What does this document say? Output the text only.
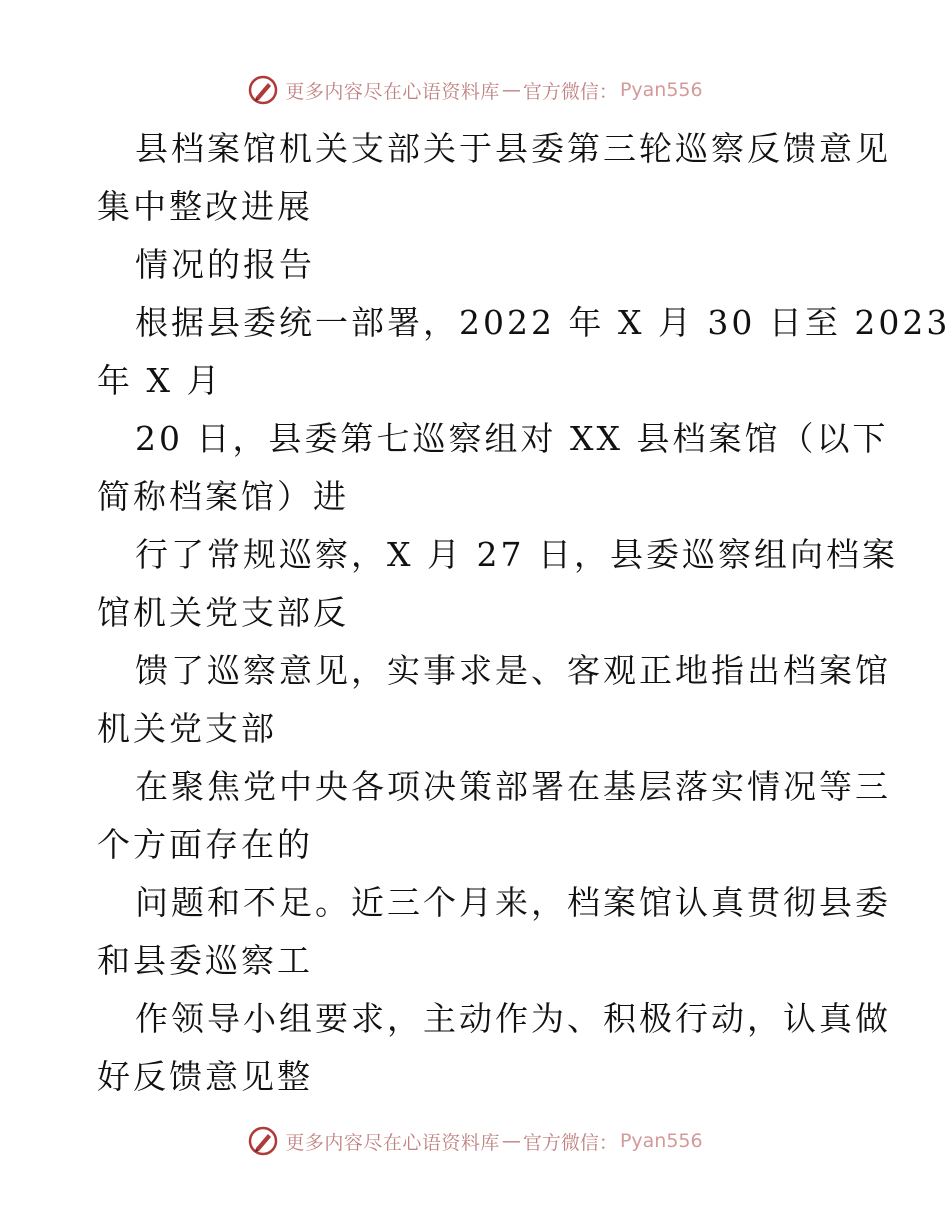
更多内容尽在心语资料库 — 官方微信： Pyan556
县档案馆机关支部关于县委第三轮巡察反馈意见
集中整改进展
情况的报告
根据县委统一部署，2022 年 X 月 30 日至 2023
年 X 月
20 日，县委第七巡察组对 XX 县档案馆（以下
简称档案馆）进
行了常规巡察，X 月 27 日，县委巡察组向档案
馆机关党支部反
馈了巡察意见，实事求是、客观正地指出档案馆
机关党支部
在聚焦党中央各项决策部署在基层落实情况等三
个方面存在的
问题和不足。近三个月来，档案馆认真贯彻县委
和县委巡察工
作领导小组要求，主动作为、积极行动，认真做
好反馈意见整
更多内容尽在心语资料库 — 官方微信： Pyan556
